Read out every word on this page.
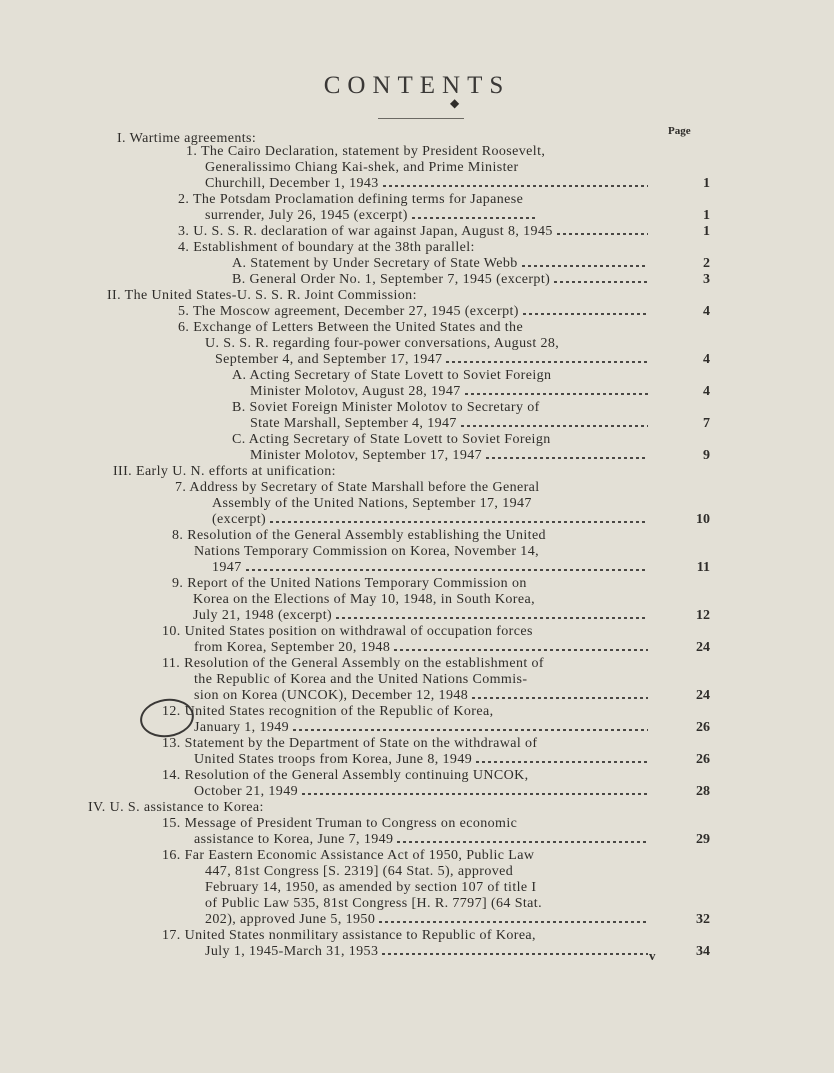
CONTENTS
◆
Page
I. Wartime agreements:
1. The Cairo Declaration, statement by President Roosevelt,
Generalissimo Chiang Kai-shek, and Prime Minister
Churchill, December 1, 1943	1
2. The Potsdam Proclamation defining terms for Japanese
surrender, July 26, 1945 (excerpt)	1
3. U. S. S. R. declaration of war against Japan, August 8, 1945	1
4. Establishment of boundary at the 38th parallel:
A. Statement by Under Secretary of State Webb	2
B. General Order No. 1, September 7, 1945 (excerpt)	3
II. The United States-U. S. S. R. Joint Commission:
5. The Moscow agreement, December 27, 1945 (excerpt)	4
6. Exchange of Letters Between the United States and the
U. S. S. R. regarding four-power conversations, August 28,
September 4, and September 17, 1947	4
A. Acting Secretary of State Lovett to Soviet Foreign
Minister Molotov, August 28, 1947	4
B. Soviet Foreign Minister Molotov to Secretary of
State Marshall, September 4, 1947	7
C. Acting Secretary of State Lovett to Soviet Foreign
Minister Molotov, September 17, 1947	9
III. Early U. N. efforts at unification:
7. Address by Secretary of State Marshall before the General
Assembly of the United Nations, September 17, 1947
(excerpt)	10
8. Resolution of the General Assembly establishing the United
Nations Temporary Commission on Korea, November 14,
1947	11
9. Report of the United Nations Temporary Commission on
Korea on the Elections of May 10, 1948, in South Korea,
July 21, 1948 (excerpt)	12
10. United States position on withdrawal of occupation forces
from Korea, September 20, 1948	24
11. Resolution of the General Assembly on the establishment of
the Republic of Korea and the United Nations Commis-
sion on Korea (UNCOK), December 12, 1948	24
12. United States recognition of the Republic of Korea,
January 1, 1949	26
13. Statement by the Department of State on the withdrawal of
United States troops from Korea, June 8, 1949	26
14. Resolution of the General Assembly continuing UNCOK,
October 21, 1949	28
IV. U. S. assistance to Korea:
15. Message of President Truman to Congress on economic
assistance to Korea, June 7, 1949	29
16. Far Eastern Economic Assistance Act of 1950, Public Law
447, 81st Congress [S. 2319] (64 Stat. 5), approved
February 14, 1950, as amended by section 107 of title I
of Public Law 535, 81st Congress [H. R. 7797] (64 Stat.
202), approved June 5, 1950	32
17. United States nonmilitary assistance to Republic of Korea,
July 1, 1945-March 31, 1953	34
v
